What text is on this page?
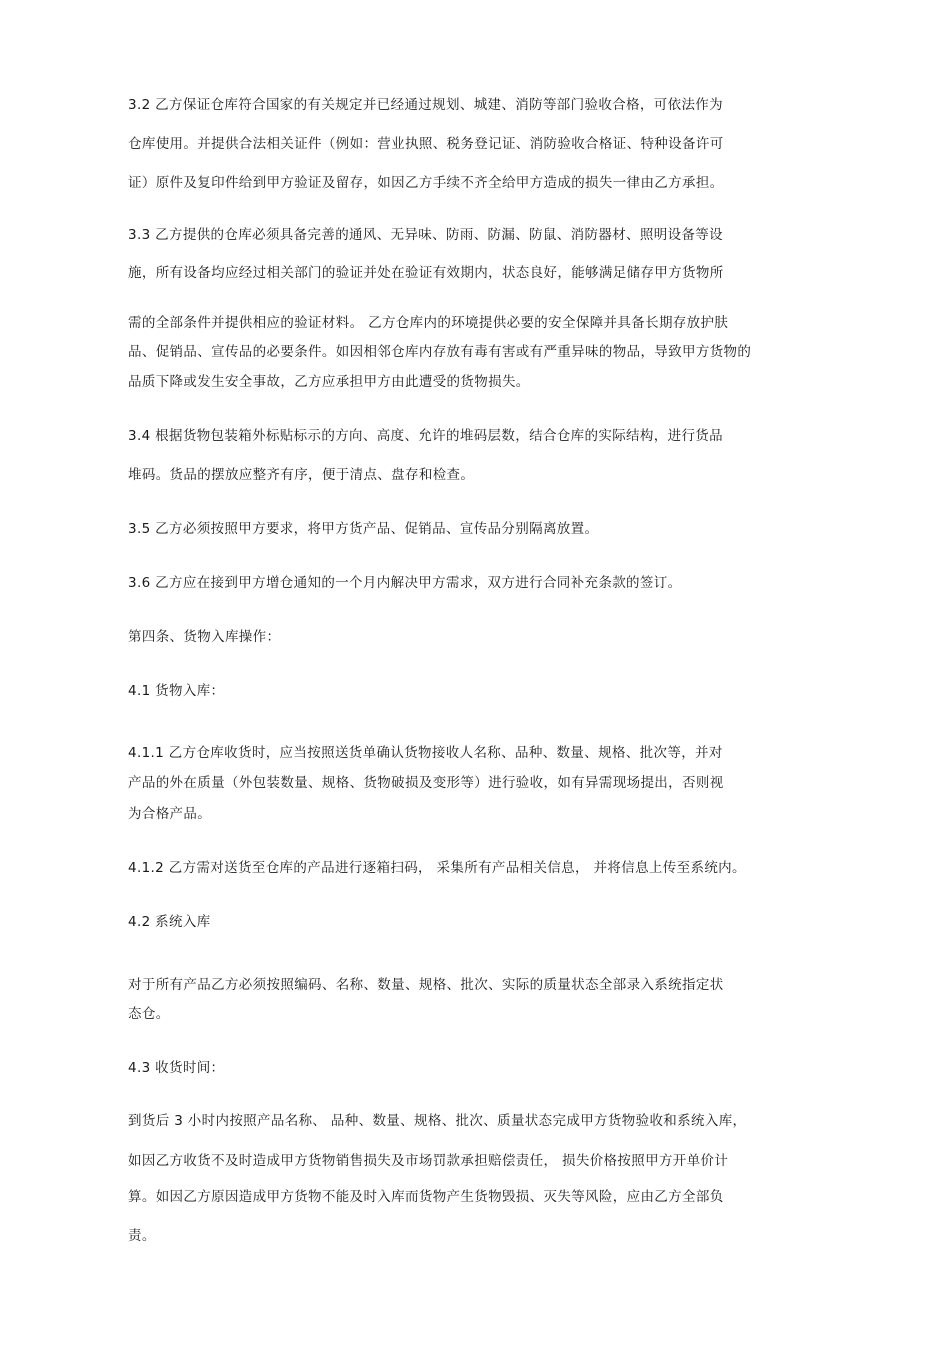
3.2 乙方保证仓库符合国家的有关规定并已经通过规划、城建、消防等部门验收合格，可依法作为
仓库使用。并提供合法相关证件（例如：营业执照、税务登记证、消防验收合格证、特种设备许可
证）原件及复印件给到甲方验证及留存，如因乙方手续不齐全给甲方造成的损失一律由乙方承担。
3.3 乙方提供的仓库必须具备完善的通风、无异味、防雨、防漏、防鼠、消防器材、照明设备等设
施，所有设备均应经过相关部门的验证并处在验证有效期内，状态良好，能够满足储存甲方货物所
需的全部条件并提供相应的验证材料。 乙方仓库内的环境提供必要的安全保障并具备长期存放护肤
品、促销品、宣传品的必要条件。如因相邻仓库内存放有毒有害或有严重异味的物品，导致甲方货物的
品质下降或发生安全事故，乙方应承担甲方由此遭受的货物损失。
3.4 根据货物包装箱外标贴标示的方向、高度、允许的堆码层数，结合仓库的实际结构，进行货品
堆码。货品的摆放应整齐有序，便于清点、盘存和检查。
3.5 乙方必须按照甲方要求，将甲方货产品、促销品、宣传品分别隔离放置。
3.6 乙方应在接到甲方增仓通知的一个月内解决甲方需求，双方进行合同补充条款的签订。
第四条、货物入库操作：
4.1 货物入库：
4.1.1 乙方仓库收货时，应当按照送货单确认货物接收人名称、品种、数量、规格、批次等，并对
产品的外在质量（外包装数量、规格、货物破损及变形等）进行验收，如有异需现场提出，否则视
为合格产品。
4.1.2 乙方需对送货至仓库的产品进行逐箱扫码， 采集所有产品相关信息， 并将信息上传至系统内。
4.2 系统入库
对于所有产品乙方必须按照编码、名称、数量、规格、批次、实际的质量状态全部录入系统指定状
态仓。
4.3 收货时间：
到货后 3 小时内按照产品名称、 品种、数量、规格、批次、质量状态完成甲方货物验收和系统入库，
如因乙方收货不及时造成甲方货物销售损失及市场罚款承担赔偿责任， 损失价格按照甲方开单价计
算。如因乙方原因造成甲方货物不能及时入库而货物产生货物毁损、灭失等风险，应由乙方全部负
责。
